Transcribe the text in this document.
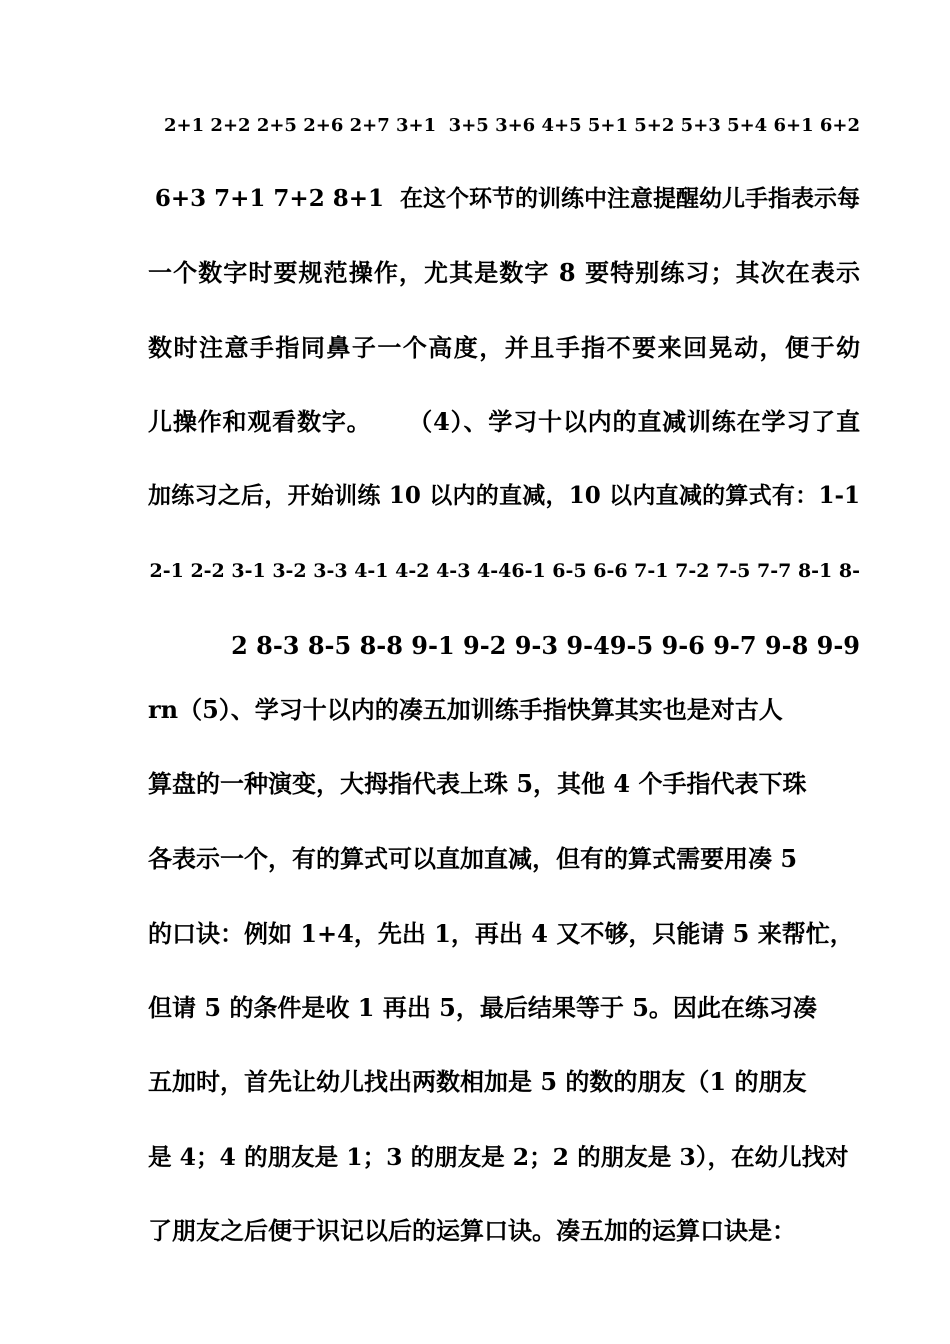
2+1 2+2 2+5 2+6 2+7 3+1  3+5 3+6 4+5 5+1 5+2 5+3 5+4 6+1 6+2
6+3 7+1 7+2 8+1  在这个环节的训练中注意提醒幼儿手指表示每
一个数字时要规范操作，尤其是数字 8 要特别练习；其次在表示
数时注意手指同鼻子一个高度，并且手指不要来回晃动，便于幼
儿操作和观看数字。    （4）、学习十以内的直减训练在学习了直
加练习之后，开始训练 10 以内的直减，10 以内直减的算式有：1-1
2-1 2-2 3-1 3-2 3-3 4-1 4-2 4-3 4-46-1 6-5 6-6 7-1 7-2 7-5 7-7 8-1 8-
2 8-3 8-5 8-8 9-1 9-2 9-3 9-49-5 9-6 9-7 9-8 9-9
rn（5）、学习十以内的凑五加训练手指快算其实也是对古人
算盘的一种演变，大拇指代表上珠 5，其他 4 个手指代表下珠
各表示一个，有的算式可以直加直减，但有的算式需要用凑 5
的口诀：例如 1+4，先出 1，再出 4 又不够，只能请 5 来帮忙，
但请 5 的条件是收 1 再出 5，最后结果等于 5。因此在练习凑
五加时，首先让幼儿找出两数相加是 5 的数的朋友（1 的朋友
是 4；4 的朋友是 1；3 的朋友是 2；2 的朋友是 3），在幼儿找对
了朋友之后便于识记以后的运算口诀。凑五加的运算口诀是：
